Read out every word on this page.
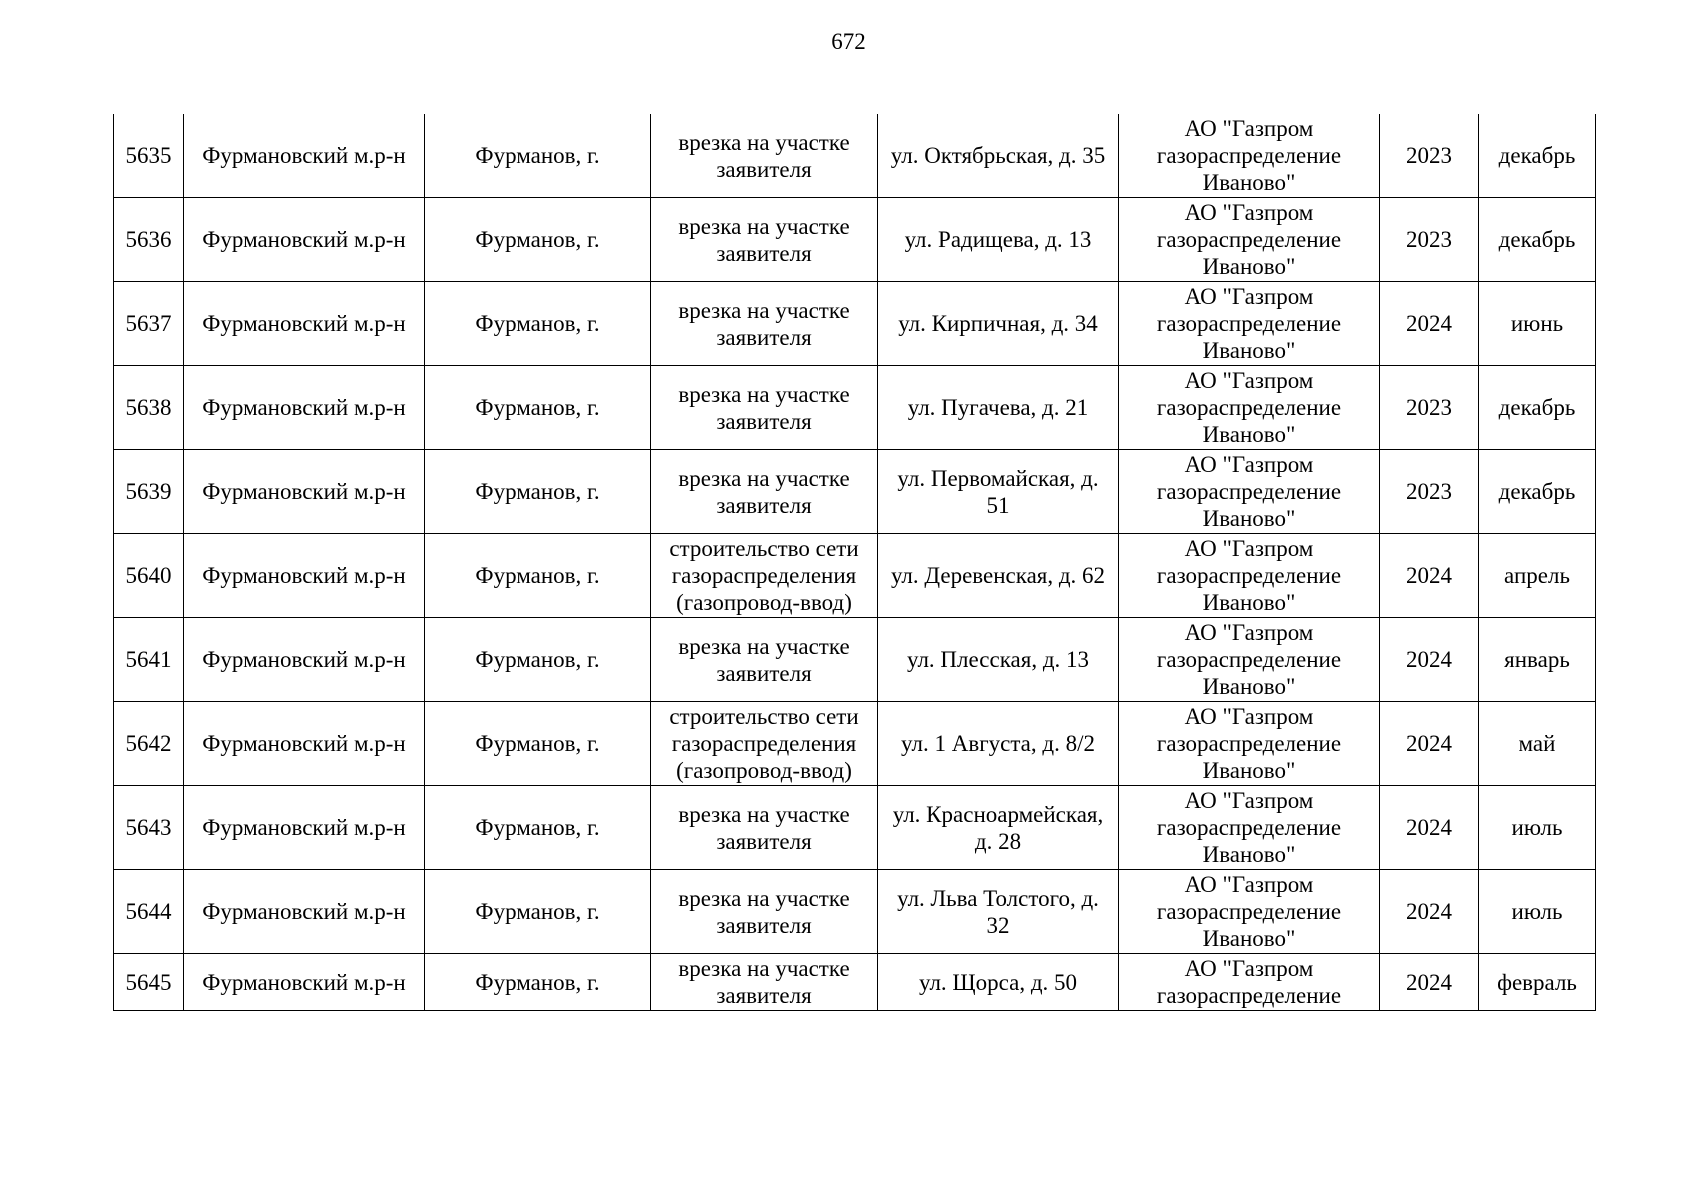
672
5635	Фурмановский м.р-н	Фурманов, г.	врезка на участке заявителя	ул. Октябрьская, д. 35	АО "Газпром газораспределение Иваново"	2023	декабрь
5636	Фурмановский м.р-н	Фурманов, г.	врезка на участке заявителя	ул. Радищева, д. 13	АО "Газпром газораспределение Иваново"	2023	декабрь
5637	Фурмановский м.р-н	Фурманов, г.	врезка на участке заявителя	ул. Кирпичная, д. 34	АО "Газпром газораспределение Иваново"	2024	июнь
5638	Фурмановский м.р-н	Фурманов, г.	врезка на участке заявителя	ул. Пугачева, д. 21	АО "Газпром газораспределение Иваново"	2023	декабрь
5639	Фурмановский м.р-н	Фурманов, г.	врезка на участке заявителя	ул. Первомайская, д. 51	АО "Газпром газораспределение Иваново"	2023	декабрь
5640	Фурмановский м.р-н	Фурманов, г.	строительство сети газораспределения (газопровод-ввод)	ул. Деревенская, д. 62	АО "Газпром газораспределение Иваново"	2024	апрель
5641	Фурмановский м.р-н	Фурманов, г.	врезка на участке заявителя	ул. Плесская, д. 13	АО "Газпром газораспределение Иваново"	2024	январь
5642	Фурмановский м.р-н	Фурманов, г.	строительство сети газораспределения (газопровод-ввод)	ул. 1 Августа, д. 8/2	АО "Газпром газораспределение Иваново"	2024	май
5643	Фурмановский м.р-н	Фурманов, г.	врезка на участке заявителя	ул. Красноармейская, д. 28	АО "Газпром газораспределение Иваново"	2024	июль
5644	Фурмановский м.р-н	Фурманов, г.	врезка на участке заявителя	ул. Льва Толстого, д. 32	АО "Газпром газораспределение Иваново"	2024	июль
5645	Фурмановский м.р-н	Фурманов, г.	врезка на участке заявителя	ул. Щорса, д. 50	АО "Газпром газораспределение	2024	февраль
